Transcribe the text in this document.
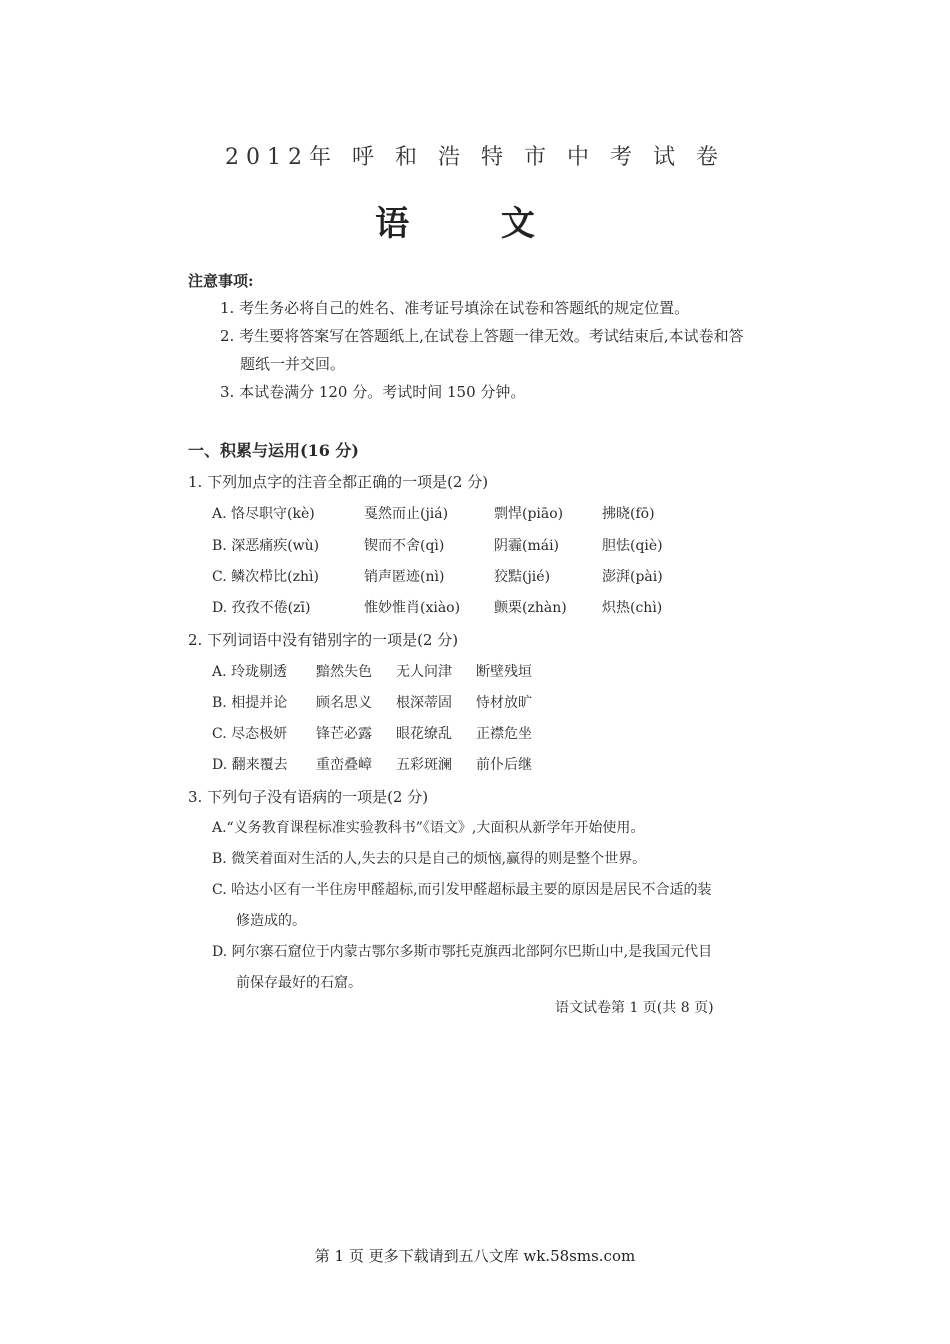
2012年 呼 和 浩 特 市 中 考 试 卷
语 文
注意事项:
1. 考生务必将自己的姓名、准考证号填涂在试卷和答题纸的规定位置。
2. 考生要将答案写在答题纸上,在试卷上答题一律无效。考试结束后,本试卷和答
题纸一并交回。
3. 本试卷满分 120 分。考试时间 150 分钟。
一、积累与运用(16 分)
1. 下列加点字的注音全都正确的一项是(2 分)
A. 恪尽职守(kè)	戛然而止(jiá)	剽悍(piāo)	拂晓(fō)
B. 深恶痛疾(wù)	锲而不舍(qì)	阴霾(mái)	胆怯(qiè)
C. 鳞次栉比(zhì)	销声匿迹(nì)	狡黠(jié)	澎湃(pài)
D. 孜孜不倦(zī)	惟妙惟肖(xiào) 颤栗(zhàn)	炽热(chì)
2. 下列词语中没有错别字的一项是(2 分)
A. 玲珑剔透 黯然失色 无人问津 断壁残垣
B. 相提并论 顾名思义 根深蒂固 恃材放旷
C. 尽态极妍 锋芒必露 眼花缭乱 正襟危坐
D. 翻来覆去 重峦叠嶂 五彩斑澜 前仆后继
3. 下列句子没有语病的一项是(2 分)
A.“义务教育课程标准实验教科书”《语文》,大面积从新学年开始使用。
B. 微笑着面对生活的人,失去的只是自己的烦恼,赢得的则是整个世界。
C. 哈达小区有一半住房甲醛超标,而引发甲醛超标最主要的原因是居民不合适的装
修造成的。
D. 阿尔寨石窟位于内蒙古鄂尔多斯市鄂托克旗西北部阿尔巴斯山中,是我国元代目
前保存最好的石窟。
语文试卷第 1 页(共 8 页)
第 1 页 更多下载请到五八文库 wk.58sms.com
